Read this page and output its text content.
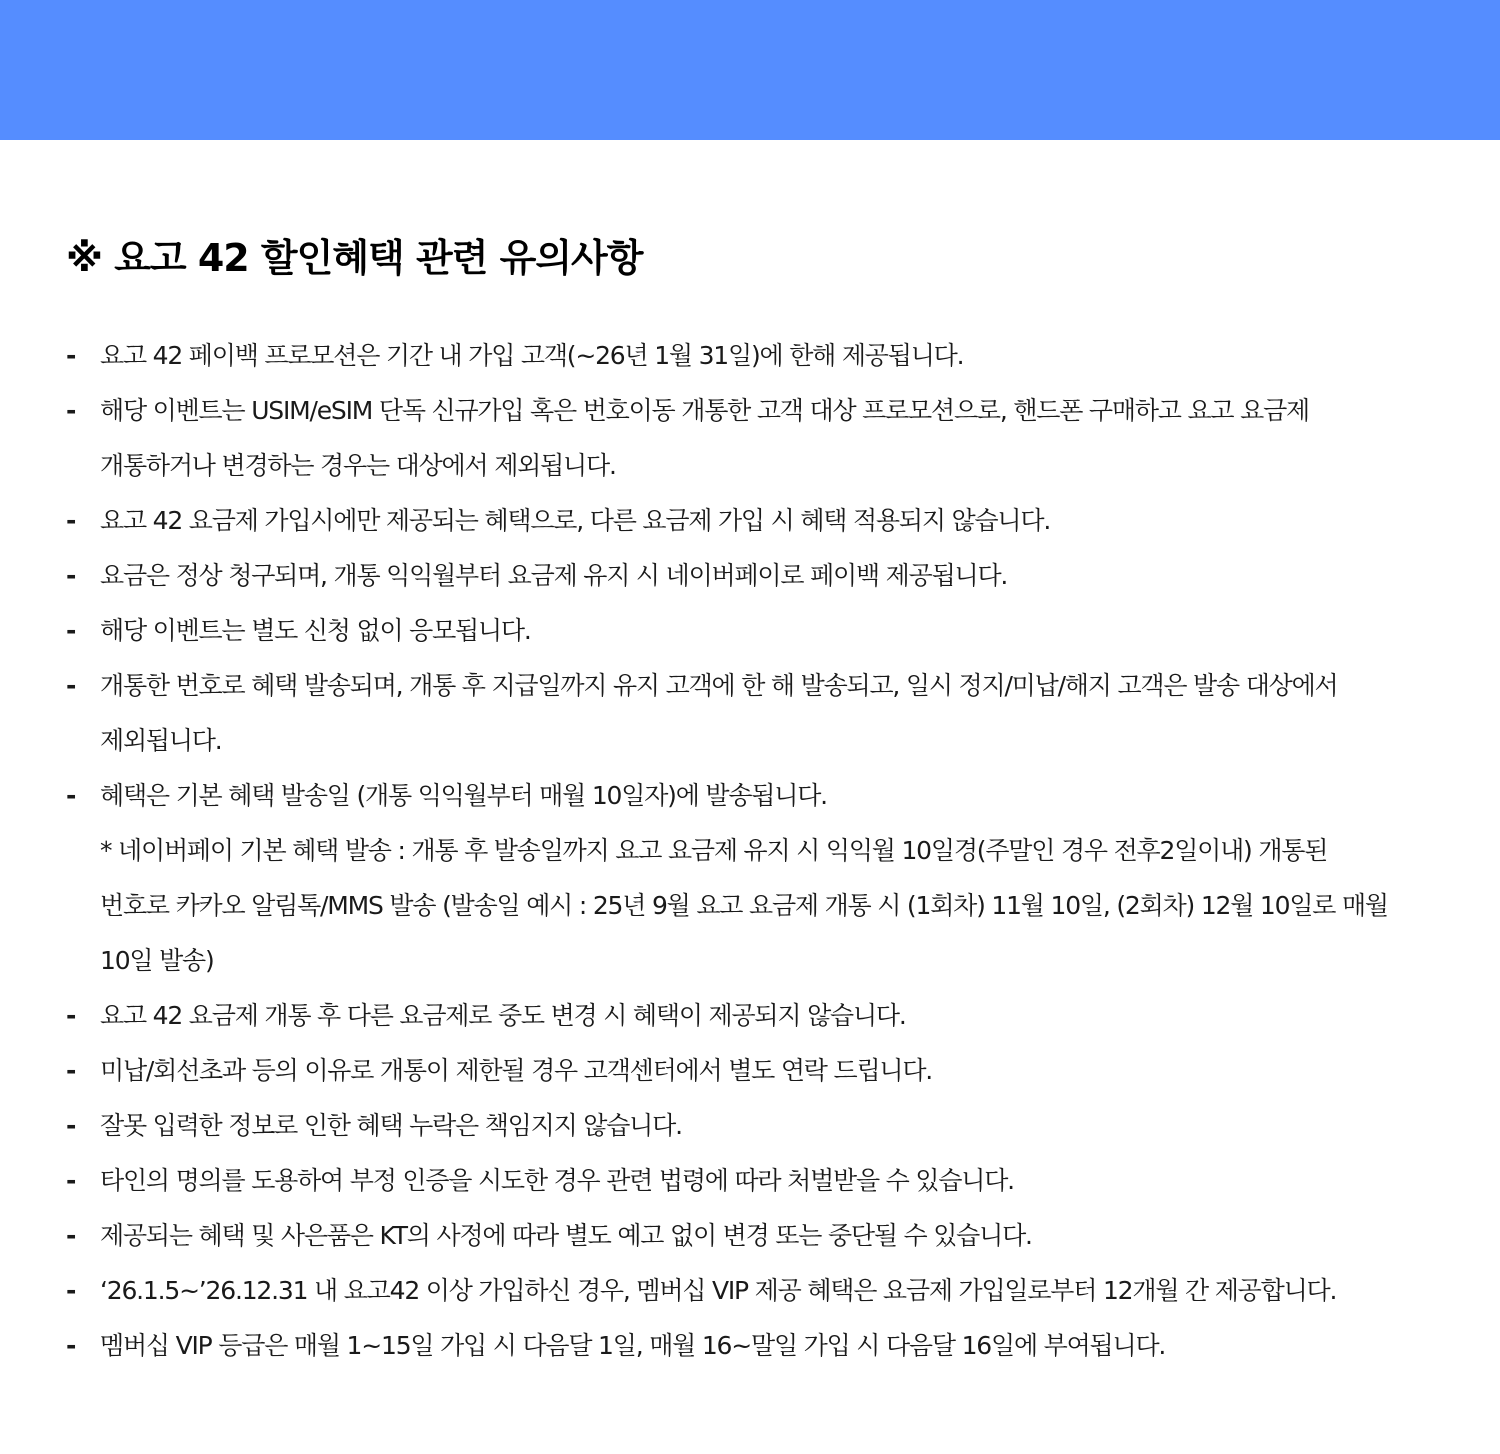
※ 요고 42 할인혜택 관련 유의사항
- 요고 42 페이백 프로모션은 기간 내 가입 고객(~26년 1월 31일)에 한해 제공됩니다.
- 해당 이벤트는 USIM/eSIM 단독 신규가입 혹은 번호이동 개통한 고객 대상 프로모션으로, 핸드폰 구매하고 요고 요금제
개통하거나 변경하는 경우는 대상에서 제외됩니다.
- 요고 42 요금제 가입시에만 제공되는 혜택으로, 다른 요금제 가입 시 혜택 적용되지 않습니다.
- 요금은 정상 청구되며, 개통 익익월부터 요금제 유지 시 네이버페이로 페이백 제공됩니다.
- 해당 이벤트는 별도 신청 없이 응모됩니다.
- 개통한 번호로 혜택 발송되며, 개통 후 지급일까지 유지 고객에 한 해 발송되고, 일시 정지/미납/해지 고객은 발송 대상에서
제외됩니다.
- 혜택은 기본 혜택 발송일 (개통 익익월부터 매월 10일자)에 발송됩니다.
* 네이버페이 기본 혜택 발송 : 개통 후 발송일까지 요고 요금제 유지 시 익익월 10일경(주말인 경우 전후2일이내) 개통된
번호로 카카오 알림톡/MMS 발송 (발송일 예시 : 25년 9월 요고 요금제 개통 시 (1회차) 11월 10일, (2회차) 12월 10일로 매월
10일 발송)
- 요고 42 요금제 개통 후 다른 요금제로 중도 변경 시 혜택이 제공되지 않습니다.
- 미납/회선초과 등의 이유로 개통이 제한될 경우 고객센터에서 별도 연락 드립니다.
- 잘못 입력한 정보로 인한 혜택 누락은 책임지지 않습니다.
- 타인의 명의를 도용하여 부정 인증을 시도한 경우 관련 법령에 따라 처벌받을 수 있습니다.
- 제공되는 혜택 및 사은품은 KT의 사정에 따라 별도 예고 없이 변경 또는 중단될 수 있습니다.
- ‘26.1.5~’26.12.31 내 요고42 이상 가입하신 경우, 멤버십 VIP 제공 혜택은 요금제 가입일로부터 12개월 간 제공합니다.
- 멤버십 VIP 등급은 매월 1~15일 가입 시 다음달 1일, 매월 16~말일 가입 시 다음달 16일에 부여됩니다.
